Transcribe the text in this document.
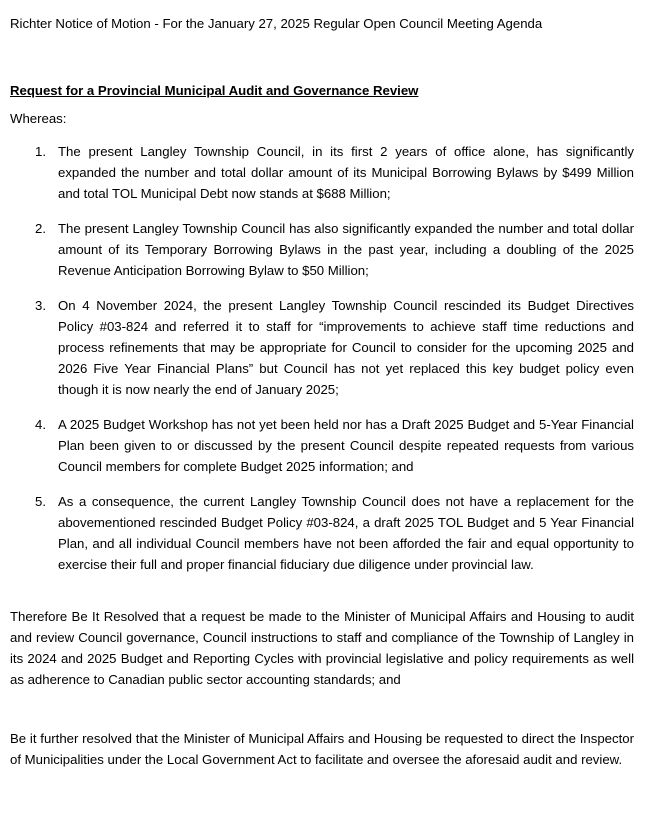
Richter Notice of Motion - For the January 27, 2025 Regular Open Council Meeting Agenda

Request for a Provincial Municipal Audit and Governance Review

Whereas:

1. The present Langley Township Council, in its first 2 years of office alone, has significantly expanded the number and total dollar amount of its Municipal Borrowing Bylaws by $499 Million and total TOL Municipal Debt now stands at $688 Million;
2. The present Langley Township Council has also significantly expanded the number and total dollar amount of its Temporary Borrowing Bylaws in the past year, including a doubling of the 2025 Revenue Anticipation Borrowing Bylaw to $50 Million;
3. On 4 November 2024, the present Langley Township Council rescinded its Budget Directives Policy #03-824 and referred it to staff for “improvements to achieve staff time reductions and process refinements that may be appropriate for Council to consider for the upcoming 2025 and 2026 Five Year Financial Plans” but Council has not yet replaced this key budget policy even though it is now nearly the end of January 2025;
4. A 2025 Budget Workshop has not yet been held nor has a Draft 2025 Budget and 5-Year Financial Plan been given to or discussed by the present Council despite repeated requests from various Council members for complete Budget 2025 information; and
5. As a consequence, the current Langley Township Council does not have a replacement for the abovementioned rescinded Budget Policy #03-824, a draft 2025 TOL Budget and 5 Year Financial Plan, and all individual Council members have not been afforded the fair and equal opportunity to exercise their full and proper financial fiduciary due diligence under provincial law.

Therefore Be It Resolved that a request be made to the Minister of Municipal Affairs and Housing to audit and review Council governance, Council instructions to staff and compliance of the Township of Langley in its 2024 and 2025 Budget and Reporting Cycles with provincial legislative and policy requirements as well as adherence to Canadian public sector accounting standards; and

Be it further resolved that the Minister of Municipal Affairs and Housing be requested to direct the Inspector of Municipalities under the Local Government Act to facilitate and oversee the aforesaid audit and review.
